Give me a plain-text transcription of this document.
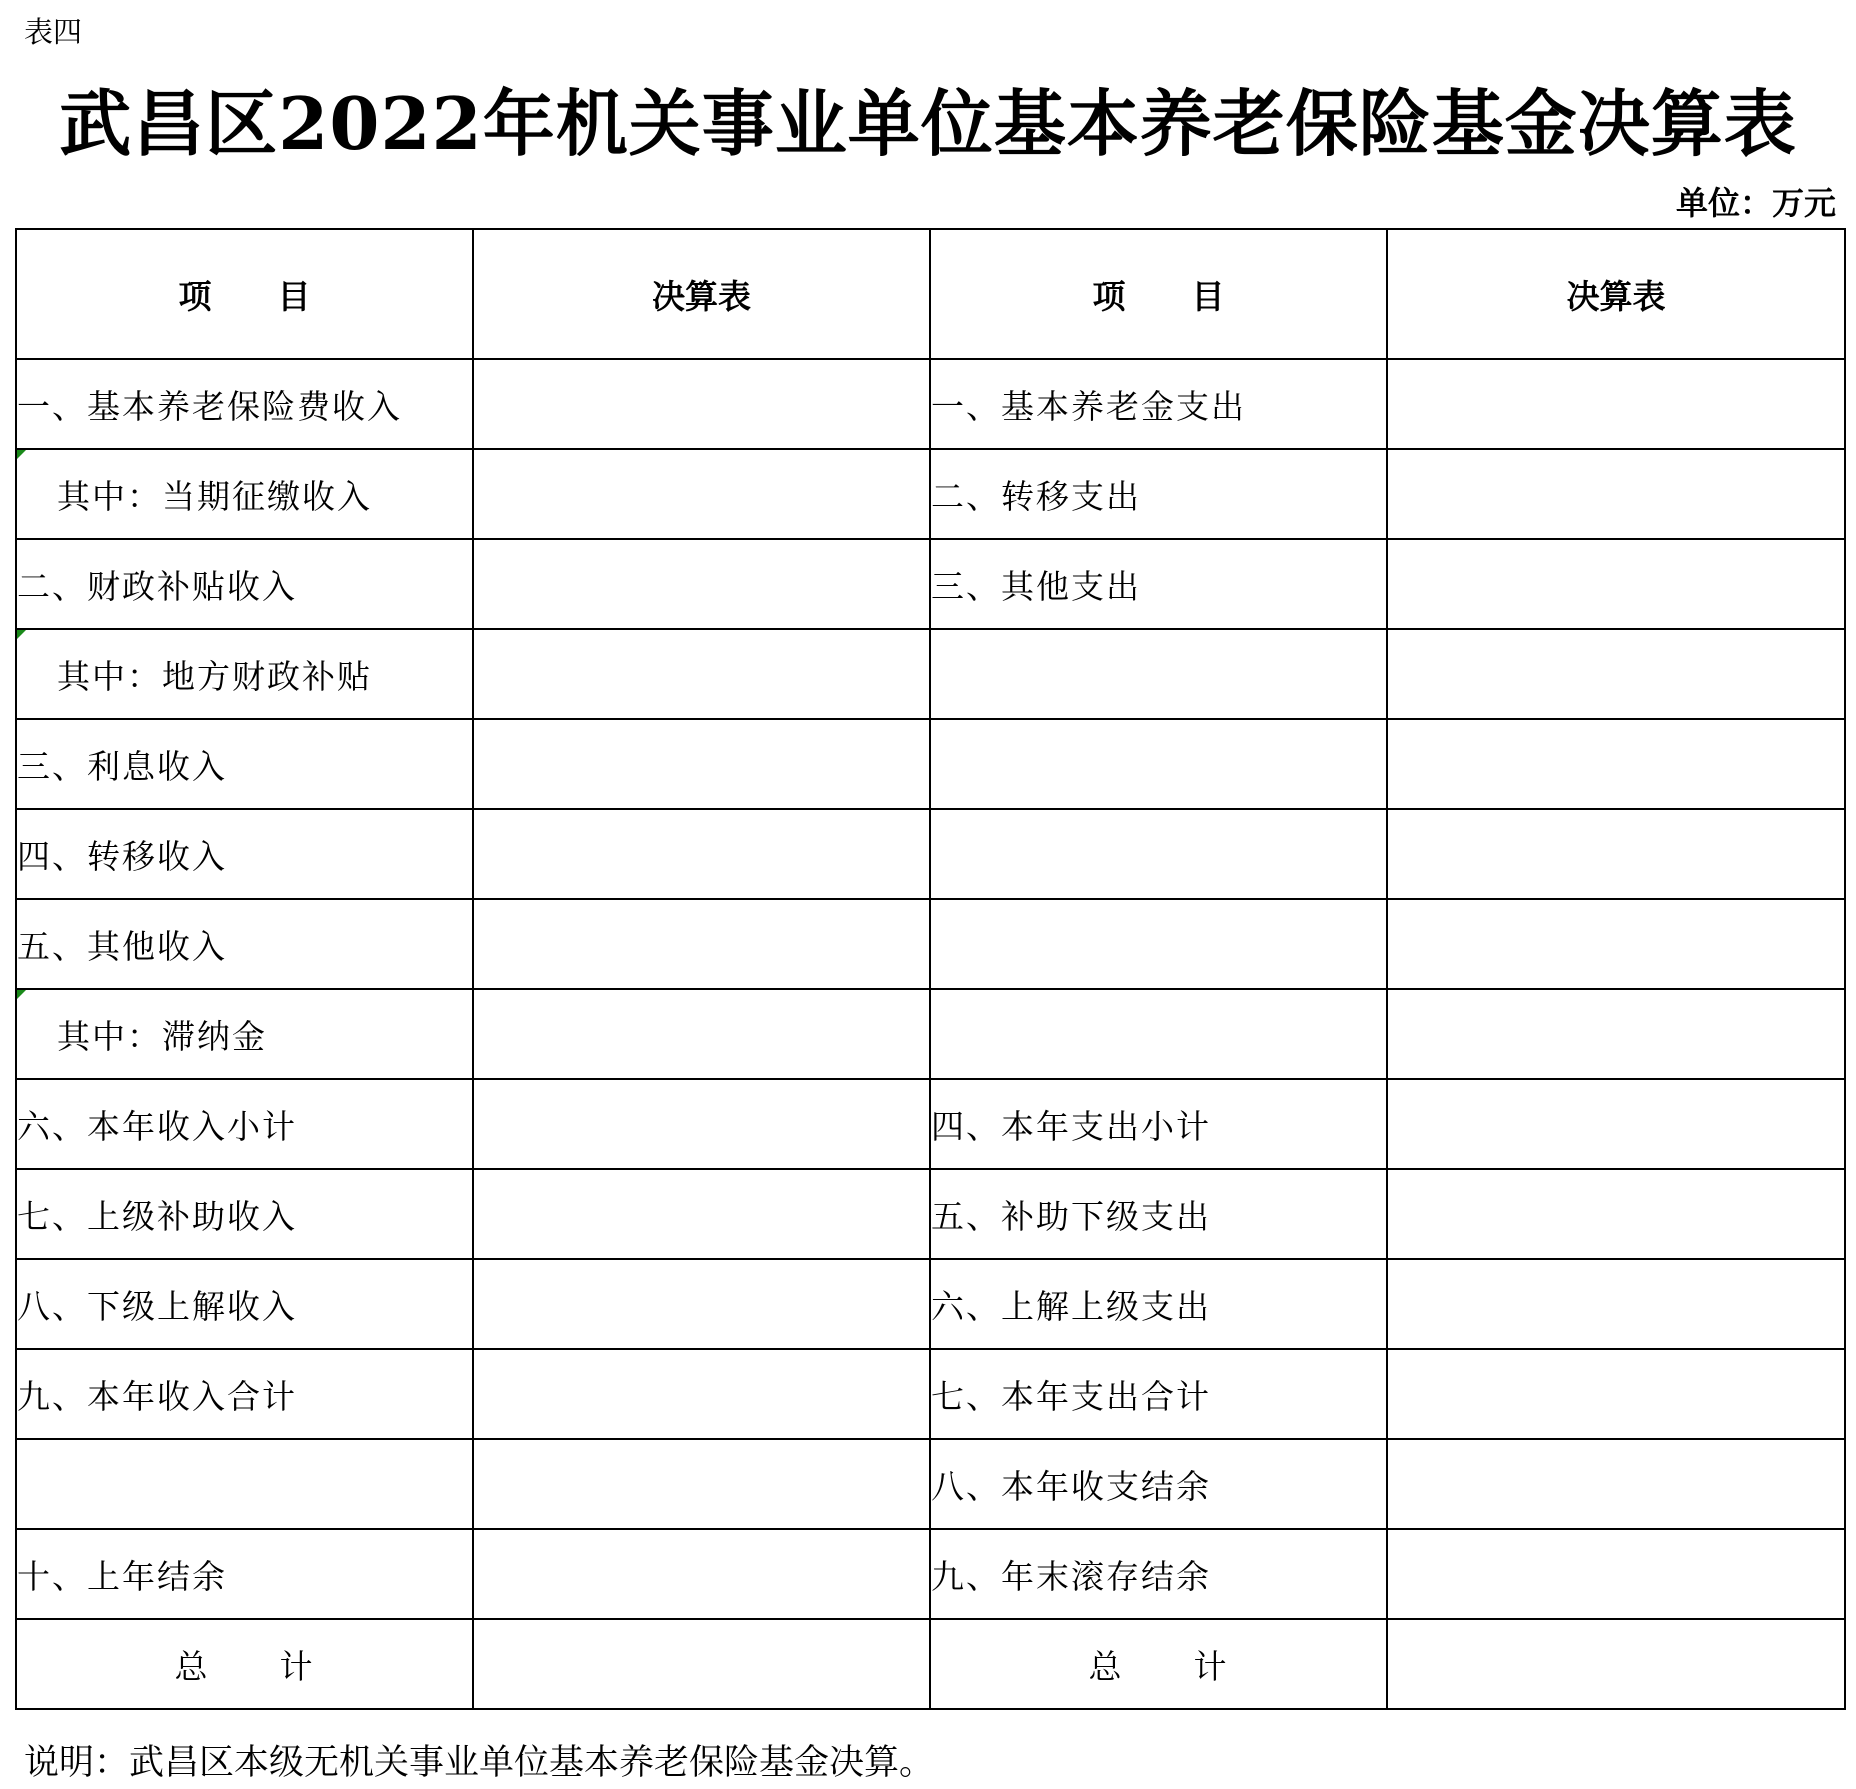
表四
武昌区2022年机关事业单位基本养老保险基金决算表
单位：万元
项　　目	决算表	项　　目	决算表
一、基本养老保险费收入		一、基本养老金支出	

其中：当期征缴收入		二、转移支出	
二、财政补贴收入		三、其他支出	

其中：地方财政补贴			
三、利息收入			
四、转移收入			
五、其他收入			

其中：滞纳金			
六、本年收入小计		四、本年支出小计	
七、上级补助收入		五、补助下级支出	
八、下级上解收入		六、上解上级支出	
九、本年收入合计		七、本年支出合计	
		八、本年收支结余	
十、上年结余		九、年末滚存结余	
总　　计		总　　计	
说明：武昌区本级无机关事业单位基本养老保险基金决算。
